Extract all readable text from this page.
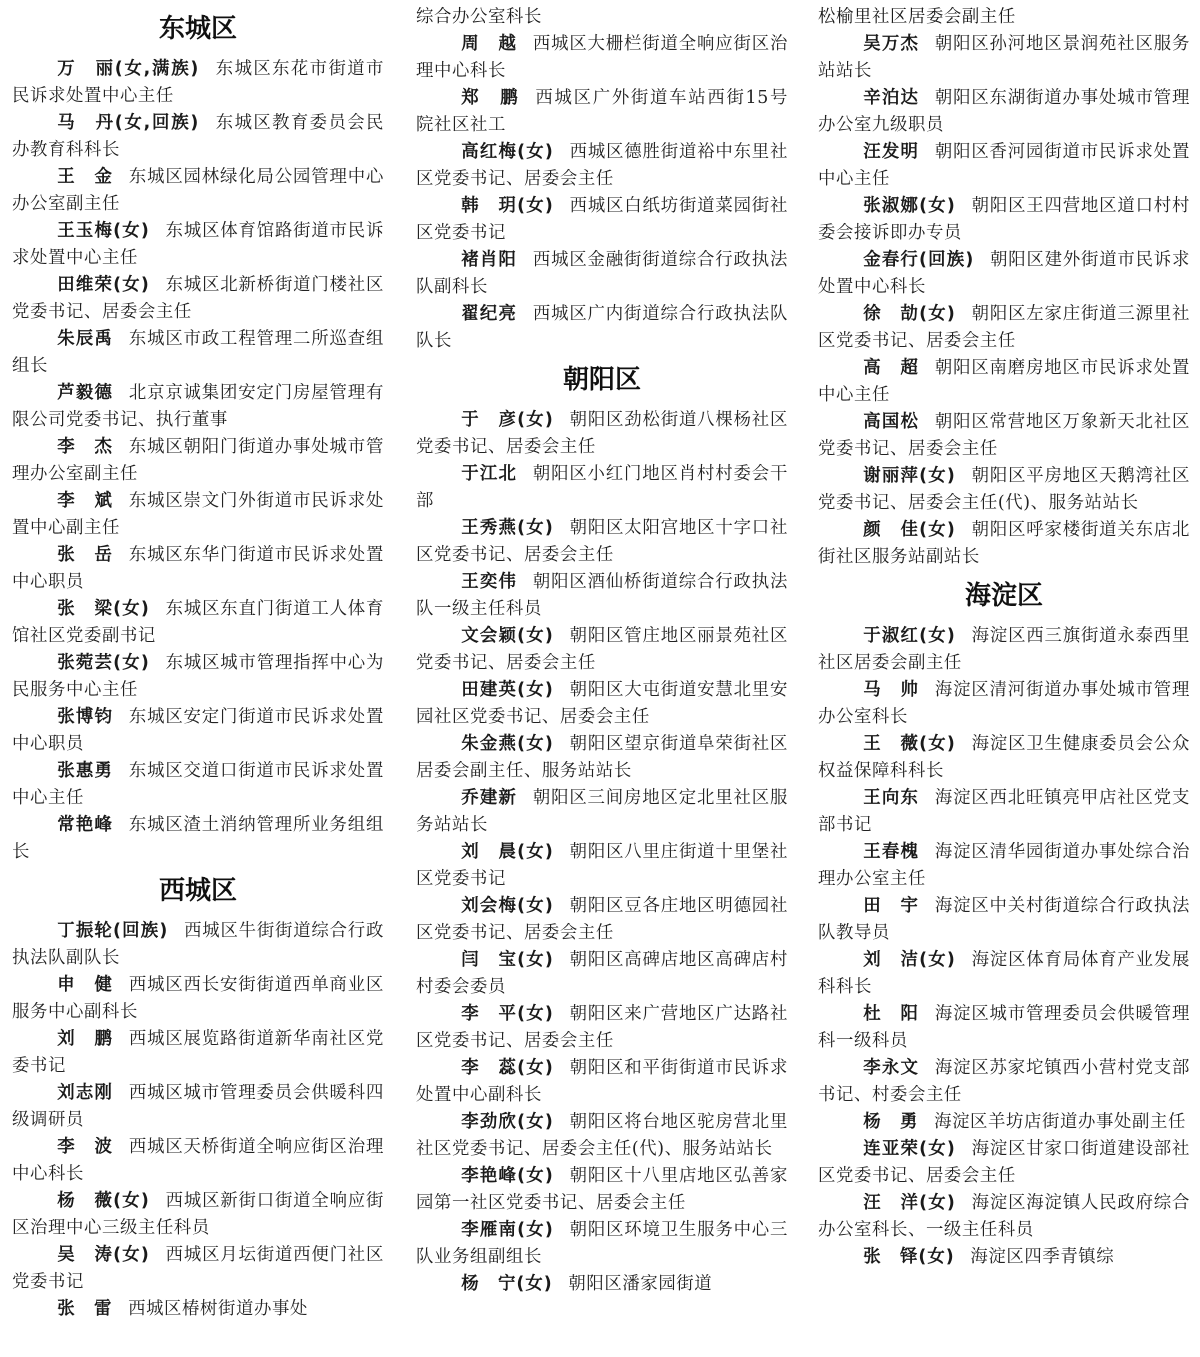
东城区

万　丽(女,满族) 东城区东花市街道市民诉求处置中心主任

马　丹(女,回族) 东城区教育委员会民办教育科科长

王　金 东城区园林绿化局公园管理中心办公室副主任

王玉梅(女) 东城区体育馆路街道市民诉求处置中心主任

田维荣(女) 东城区北新桥街道门楼社区党委书记、居委会主任

朱辰禹 东城区市政工程管理二所巡查组组长

芦毅德 北京京诚集团安定门房屋管理有限公司党委书记、执行董事

李　杰 东城区朝阳门街道办事处城市管理办公室副主任

李　斌 东城区崇文门外街道市民诉求处置中心副主任

张　岳 东城区东华门街道市民诉求处置中心职员

张　梁(女) 东城区东直门街道工人体育馆社区党委副书记

张菀芸(女) 东城区城市管理指挥中心为民服务中心主任

张博钧 东城区安定门街道市民诉求处置中心职员

张惠勇 东城区交道口街道市民诉求处置中心主任

常艳峰 东城区渣土消纳管理所业务组组长

西城区

丁振轮(回族) 西城区牛街街道综合行政执法队副队长

申　健 西城区西长安街街道西单商业区服务中心副科长

刘　鹏 西城区展览路街道新华南社区党委书记

刘志刚 西城区城市管理委员会供暖科四级调研员

李　波 西城区天桥街道全响应街区治理中心科长

杨　薇(女) 西城区新街口街道全响应街区治理中心三级主任科员

吴　涛(女) 西城区月坛街道西便门社区党委书记

张　雷 西城区椿树街道办事处

综合办公室科长

周　越 西城区大栅栏街道全响应街区治理中心科长

郑　鹏 西城区广外街道车站西街15号院社区社工

高红梅(女) 西城区德胜街道裕中东里社区党委书记、居委会主任

韩　玥(女) 西城区白纸坊街道菜园街社区党委书记

褚肖阳 西城区金融街街道综合行政执法队副科长

翟纪亮 西城区广内街道综合行政执法队队长

朝阳区

于　彦(女) 朝阳区劲松街道八棵杨社区党委书记、居委会主任

于江北 朝阳区小红门地区肖村村委会干部

王秀燕(女) 朝阳区太阳宫地区十字口社区党委书记、居委会主任

王奕伟 朝阳区酒仙桥街道综合行政执法队一级主任科员

文会颖(女) 朝阳区管庄地区丽景苑社区党委书记、居委会主任

田建英(女) 朝阳区大屯街道安慧北里安园社区党委书记、居委会主任

朱金燕(女) 朝阳区望京街道阜荣街社区居委会副主任、服务站站长

乔建新 朝阳区三间房地区定北里社区服务站站长

刘　晨(女) 朝阳区八里庄街道十里堡社区党委书记

刘会梅(女) 朝阳区豆各庄地区明德园社区党委书记、居委会主任

闫　宝(女) 朝阳区高碑店地区高碑店村村委会委员

李　平(女) 朝阳区来广营地区广达路社区党委书记、居委会主任

李　蕊(女) 朝阳区和平街街道市民诉求处置中心副科长

李劲欣(女) 朝阳区将台地区驼房营北里社区党委书记、居委会主任(代)、服务站站长

李艳峰(女) 朝阳区十八里店地区弘善家园第一社区党委书记、居委会主任

李雁南(女) 朝阳区环境卫生服务中心三队业务组副组长

杨　宁(女) 朝阳区潘家园街道

松榆里社区居委会副主任

吴万杰 朝阳区孙河地区景润苑社区服务站站长

辛泊达 朝阳区东湖街道办事处城市管理办公室九级职员

汪发明 朝阳区香河园街道市民诉求处置中心主任

张淑娜(女) 朝阳区王四营地区道口村村委会接诉即办专员

金春行(回族) 朝阳区建外街道市民诉求处置中心科长

徐　劼(女) 朝阳区左家庄街道三源里社区党委书记、居委会主任

高　超 朝阳区南磨房地区市民诉求处置中心主任

高国松 朝阳区常营地区万象新天北社区党委书记、居委会主任

谢丽萍(女) 朝阳区平房地区天鹅湾社区党委书记、居委会主任(代)、服务站站长

颜　佳(女) 朝阳区呼家楼街道关东店北街社区服务站副站长

海淀区

于淑红(女) 海淀区西三旗街道永泰西里社区居委会副主任

马　帅 海淀区清河街道办事处城市管理办公室科长

王　薇(女) 海淀区卫生健康委员会公众权益保障科科长

王向东 海淀区西北旺镇亮甲店社区党支部书记

王春槐 海淀区清华园街道办事处综合治理办公室主任

田　宇 海淀区中关村街道综合行政执法队教导员

刘　洁(女) 海淀区体育局体育产业发展科科长

杜　阳 海淀区城市管理委员会供暖管理科一级科员

李永文 海淀区苏家坨镇西小营村党支部书记、村委会主任

杨　勇 海淀区羊坊店街道办事处副主任

连亚荣(女) 海淀区甘家口街道建设部社区党委书记、居委会主任

汪　洋(女) 海淀区海淀镇人民政府综合办公室科长、一级主任科员

张　铎(女) 海淀区四季青镇综
